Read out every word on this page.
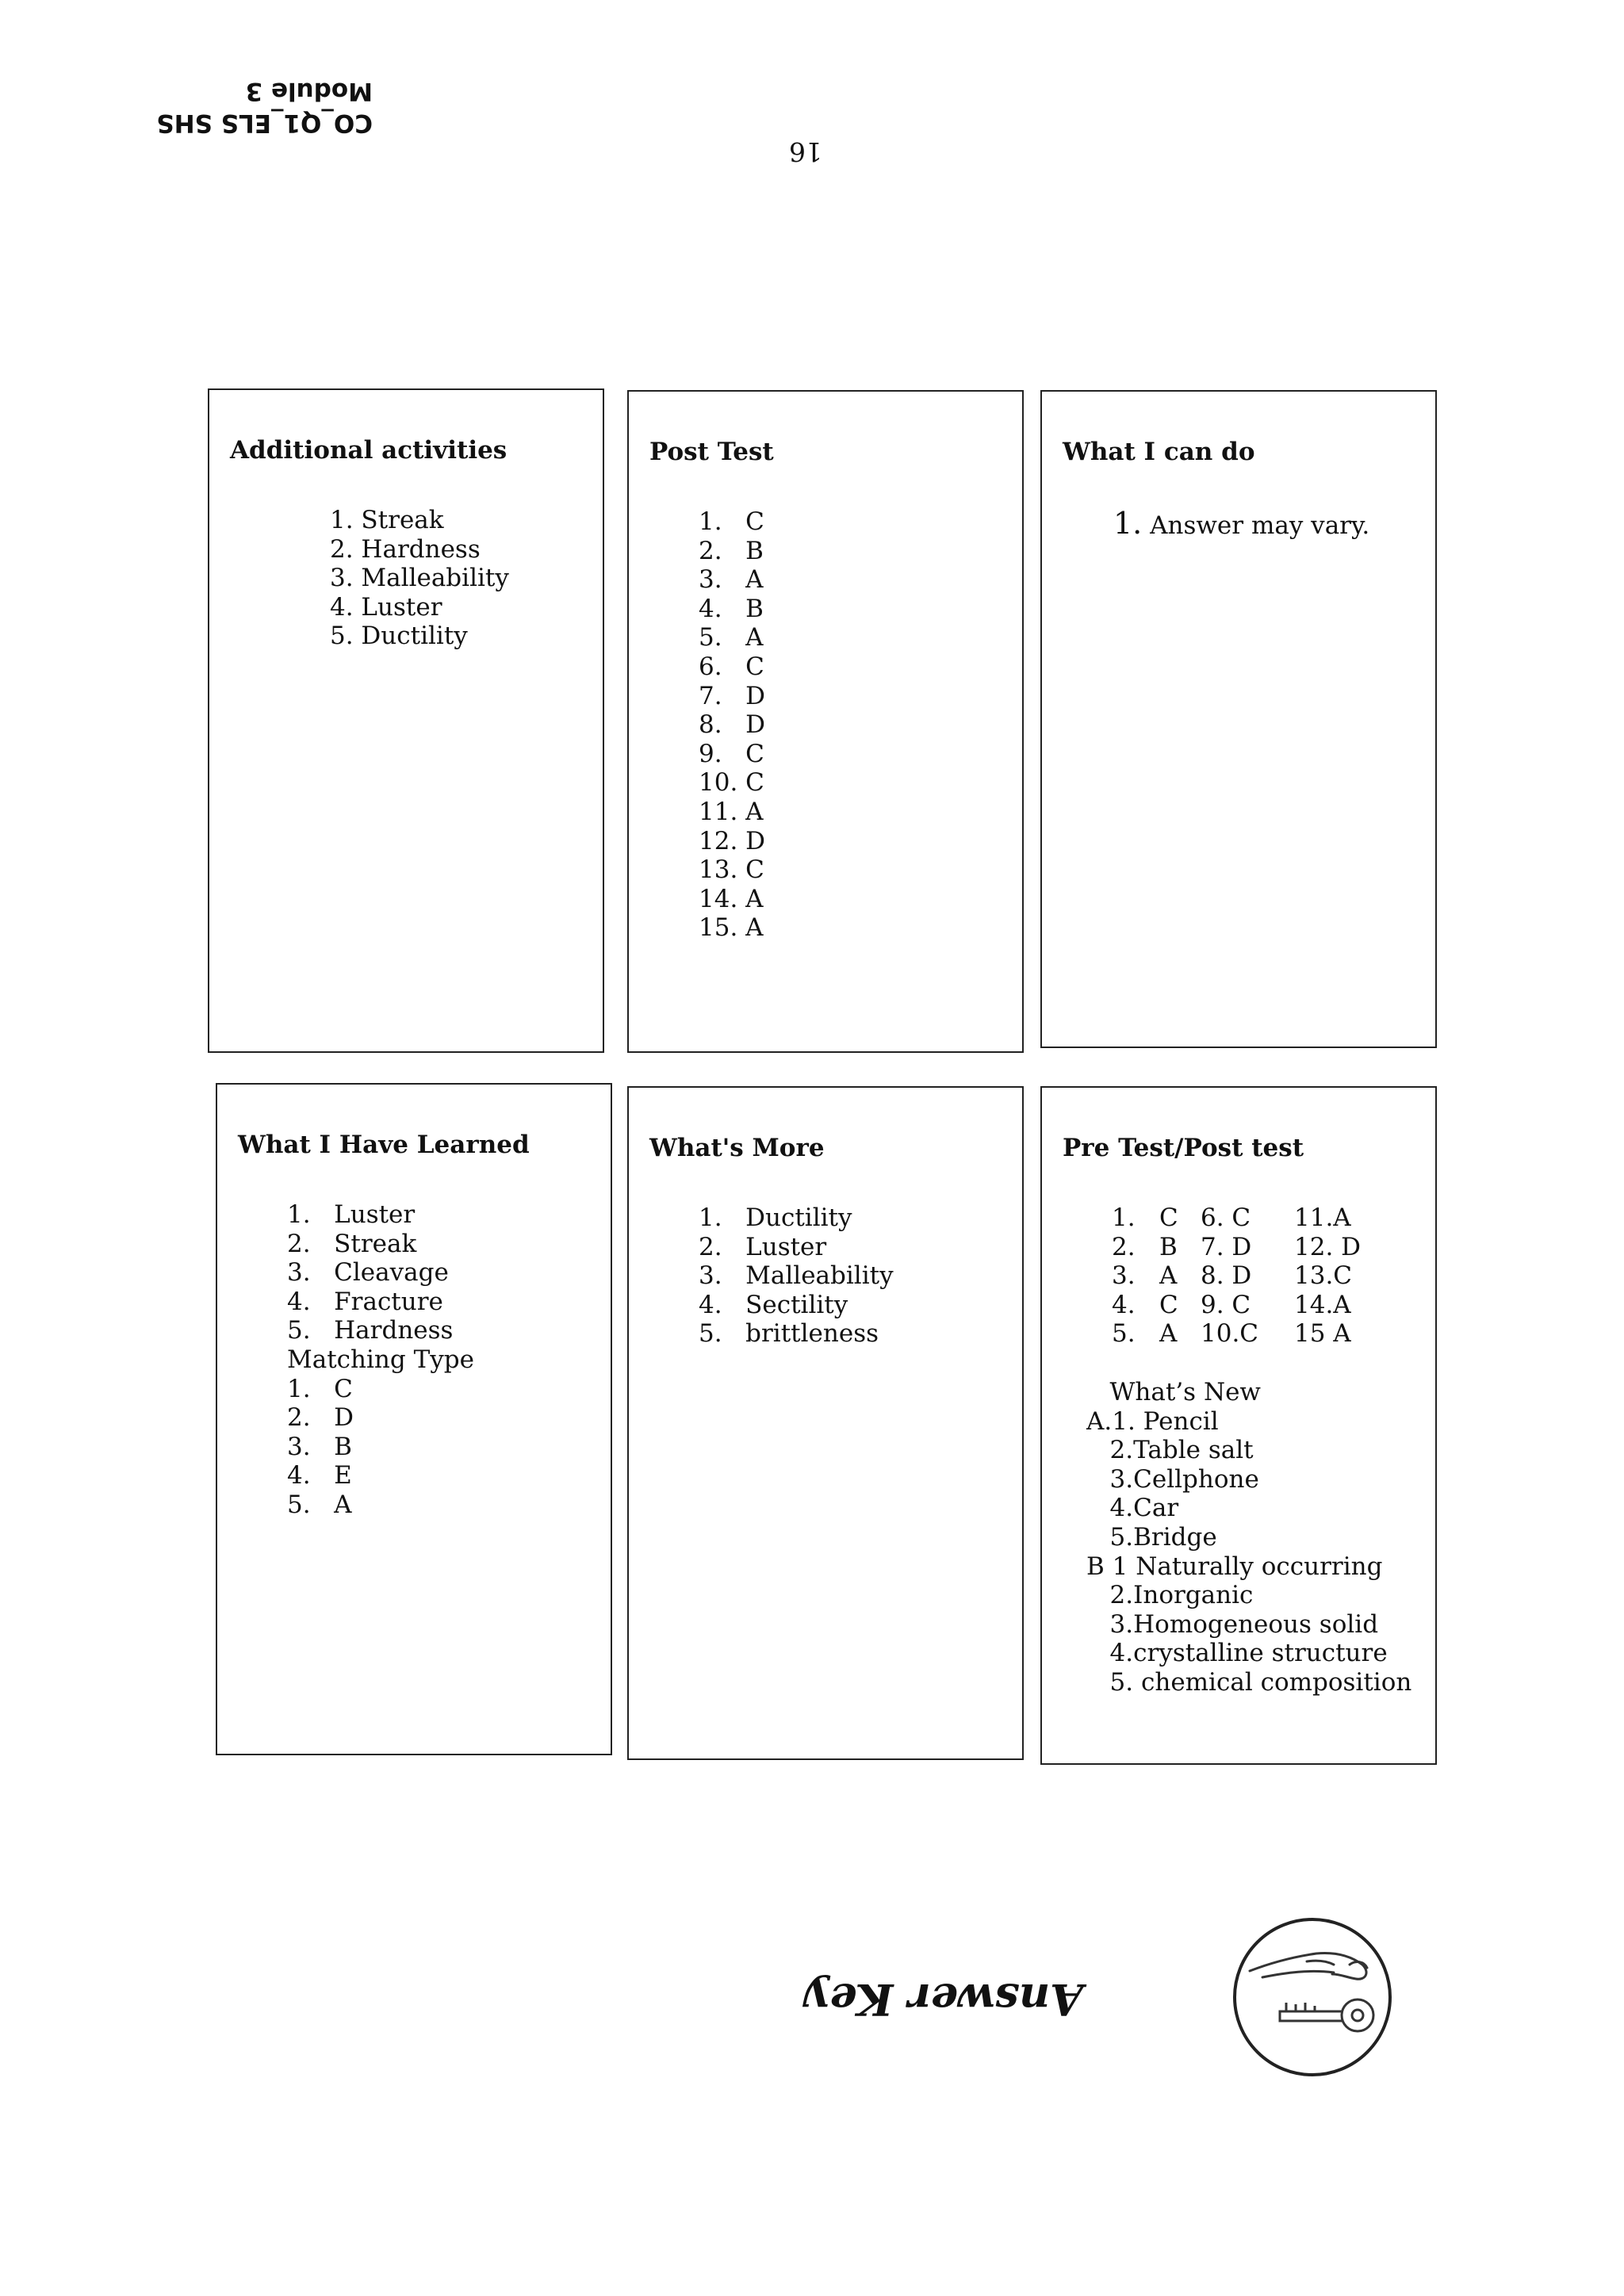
CO_Q1_ELS SHS
Module 3
16
Additional activities
1. Streak
2. Hardness
3. Malleability
4. Luster
5. Ductility
Post Test
1.   C
2.   B
3.   A
4.   B
5.   A
6.   C
7.   D
8.   D
9.   C
10. C
11. A
12. D
13. C
14. A
15. A
What I can do
1. Answer may vary.
What I Have Learned
1.   Luster
2.   Streak
3.   Cleavage
4.   Fracture
5.   Hardness
Matching Type
1.   C
2.   D
3.   B
4.   E
5.   A
What's More
1.   Ductility
2.   Luster
3.   Malleability
4.   Sectility
5.   brittleness
Pre Test/Post test
1. C 6. C 11.A
2. B 7. D 12. D
3. A 8. D 13.C
4. C 9. C 14.A
5. A 10.C 15 A
What’s New
A.1. Pencil
2.Table salt
3.Cellphone
4.Car
5.Bridge
B 1 Naturally occurring
2.Inorganic
3.Homogeneous solid
4.crystalline structure
5. chemical composition
Answer Key
